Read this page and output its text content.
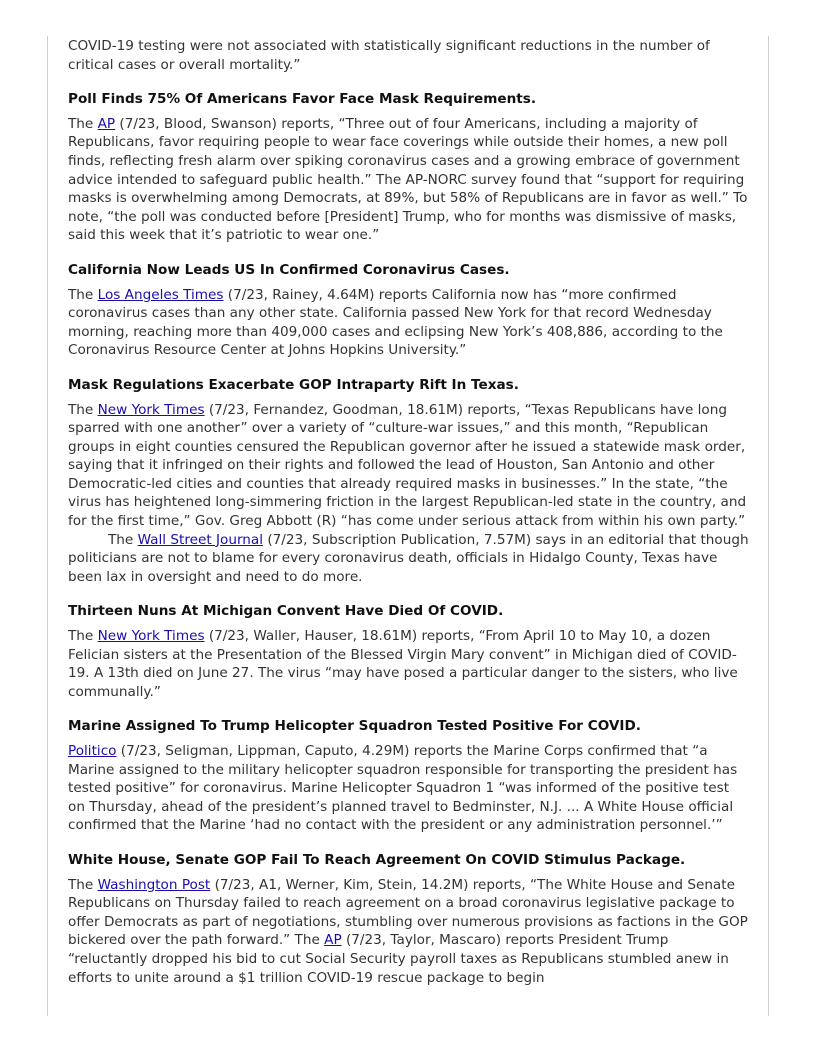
COVID-19 testing were not associated with statistically significant reductions in the number of critical cases or overall mortality.”

Poll Finds 75% Of Americans Favor Face Mask Requirements.

The AP (7/23, Blood, Swanson) reports, “Three out of four Americans, including a majority of Republicans, favor requiring people to wear face coverings while outside their homes, a new poll finds, reflecting fresh alarm over spiking coronavirus cases and a growing embrace of government advice intended to safeguard public health.” The AP-NORC survey found that “support for requiring masks is overwhelming among Democrats, at 89%, but 58% of Republicans are in favor as well.” To note, “the poll was conducted before [President] Trump, who for months was dismissive of masks, said this week that it’s patriotic to wear one.”

California Now Leads US In Confirmed Coronavirus Cases.

The Los Angeles Times (7/23, Rainey, 4.64M) reports California now has “more confirmed coronavirus cases than any other state. California passed New York for that record Wednesday morning, reaching more than 409,000 cases and eclipsing New York’s 408,886, according to the Coronavirus Resource Center at Johns Hopkins University.”

Mask Regulations Exacerbate GOP Intraparty Rift In Texas.

The New York Times (7/23, Fernandez, Goodman, 18.61M) reports, “Texas Republicans have long sparred with one another” over a variety of “culture-war issues,” and this month, “Republican groups in eight counties censured the Republican governor after he issued a statewide mask order, saying that it infringed on their rights and followed the lead of Houston, San Antonio and other Democratic-led cities and counties that already required masks in businesses.” In the state, “the virus has heightened long-simmering friction in the largest Republican-led state in the country, and for the first time,” Gov. Greg Abbott (R) “has come under serious attack from within his own party.”

The Wall Street Journal (7/23, Subscription Publication, 7.57M) says in an editorial that though politicians are not to blame for every coronavirus death, officials in Hidalgo County, Texas have been lax in oversight and need to do more.

Thirteen Nuns At Michigan Convent Have Died Of COVID.

The New York Times (7/23, Waller, Hauser, 18.61M) reports, “From April 10 to May 10, a dozen Felician sisters at the Presentation of the Blessed Virgin Mary convent” in Michigan died of COVID-19. A 13th died on June 27. The virus “may have posed a particular danger to the sisters, who live communally.”

Marine Assigned To Trump Helicopter Squadron Tested Positive For COVID.

Politico (7/23, Seligman, Lippman, Caputo, 4.29M) reports the Marine Corps confirmed that “a Marine assigned to the military helicopter squadron responsible for transporting the president has tested positive” for coronavirus. Marine Helicopter Squadron 1 “was informed of the positive test on Thursday, ahead of the president’s planned travel to Bedminster, N.J. ... A White House official confirmed that the Marine ‘had no contact with the president or any administration personnel.’”

White House, Senate GOP Fail To Reach Agreement On COVID Stimulus Package.

The Washington Post (7/23, A1, Werner, Kim, Stein, 14.2M) reports, “The White House and Senate Republicans on Thursday failed to reach agreement on a broad coronavirus legislative package to offer Democrats as part of negotiations, stumbling over numerous provisions as factions in the GOP bickered over the path forward.” The AP (7/23, Taylor, Mascaro) reports President Trump “reluctantly dropped his bid to cut Social Security payroll taxes as Republicans stumbled anew in efforts to unite around a $1 trillion COVID-19 rescue package to begin
